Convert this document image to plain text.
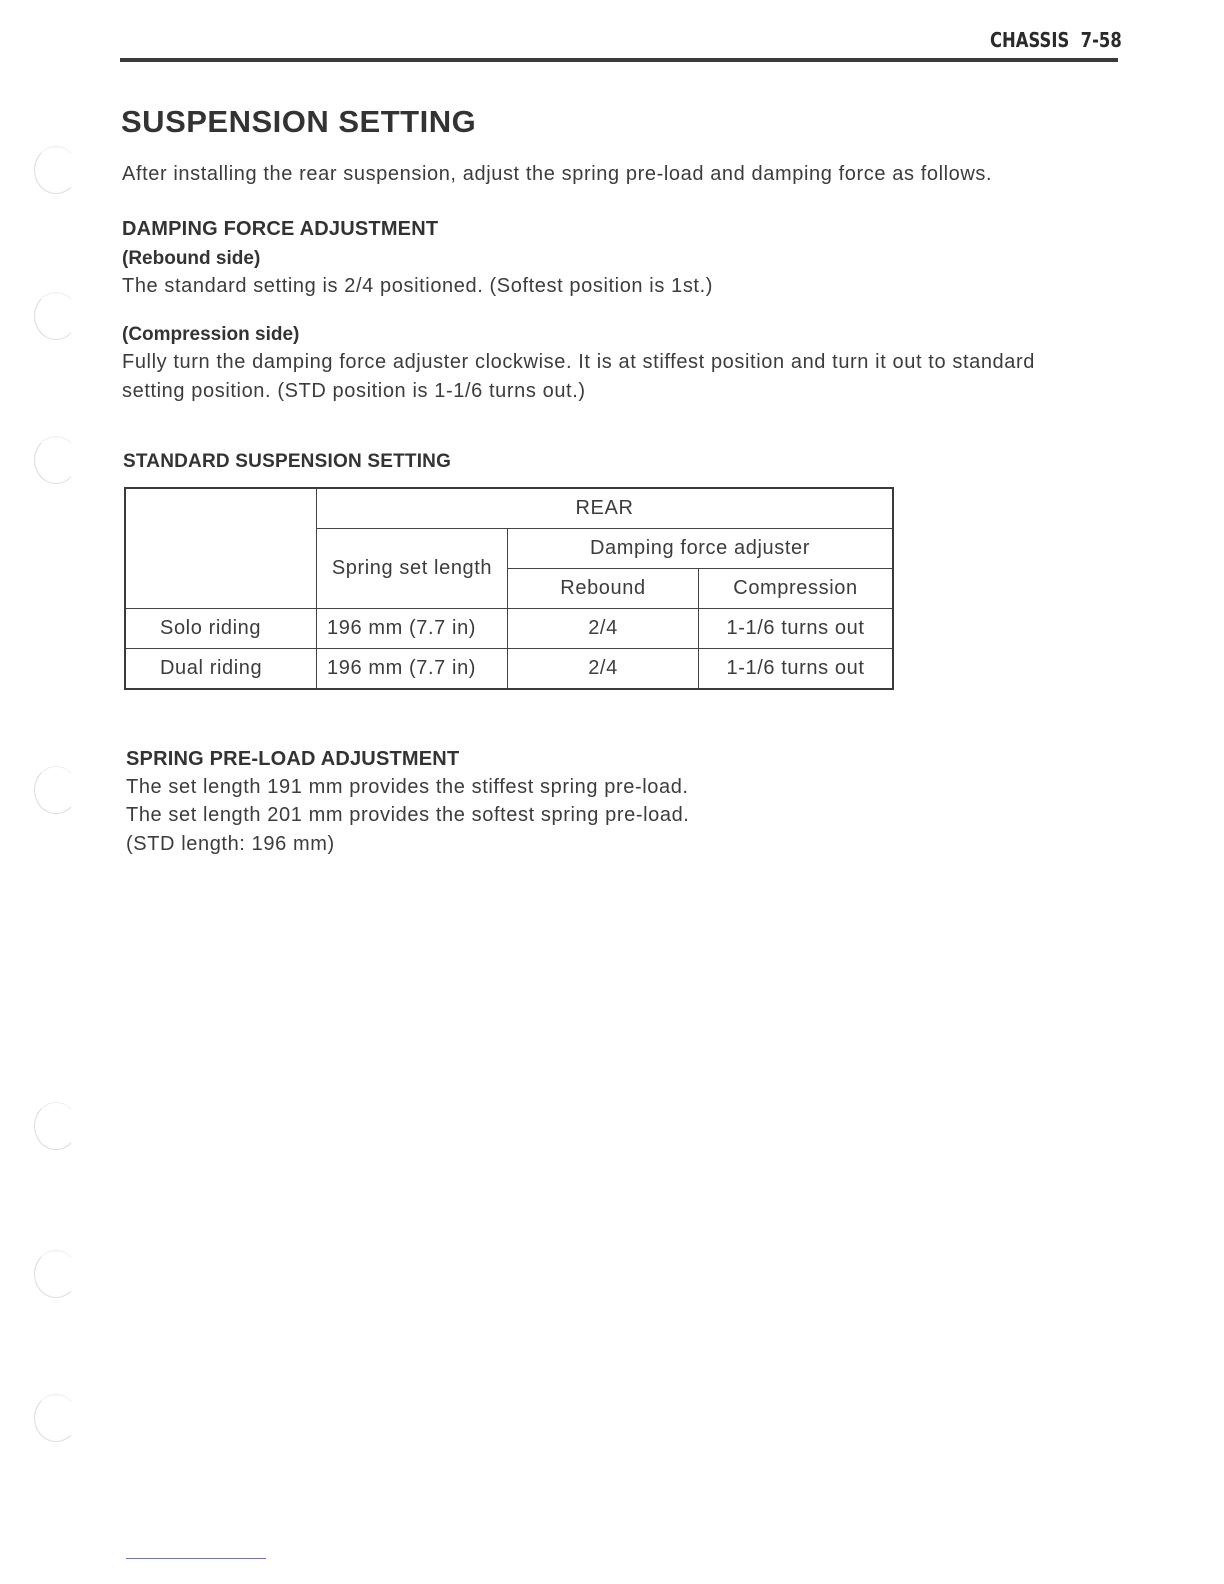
CHASSIS 7-58
SUSPENSION SETTING
After installing the rear suspension, adjust the spring pre-load and damping force as follows.
DAMPING FORCE ADJUSTMENT
(Rebound side)
The standard setting is 2/4 positioned. (Softest position is 1st.)
(Compression side)
Fully turn the damping force adjuster clockwise. It is at stiffest position and turn it out to standard
setting position. (STD position is 1-1/6 turns out.)
STANDARD SUSPENSION SETTING
	REAR		
	Spring set length	Damping force adjuster	
		Rebound	Compression
Solo riding	196 mm (7.7 in)	2/4	1-1/6 turns out
Dual riding	196 mm (7.7 in)	2/4	1-1/6 turns out
SPRING PRE-LOAD ADJUSTMENT
The set length 191 mm provides the stiffest spring pre-load.
The set length 201 mm provides the softest spring pre-load.
(STD length: 196 mm)
